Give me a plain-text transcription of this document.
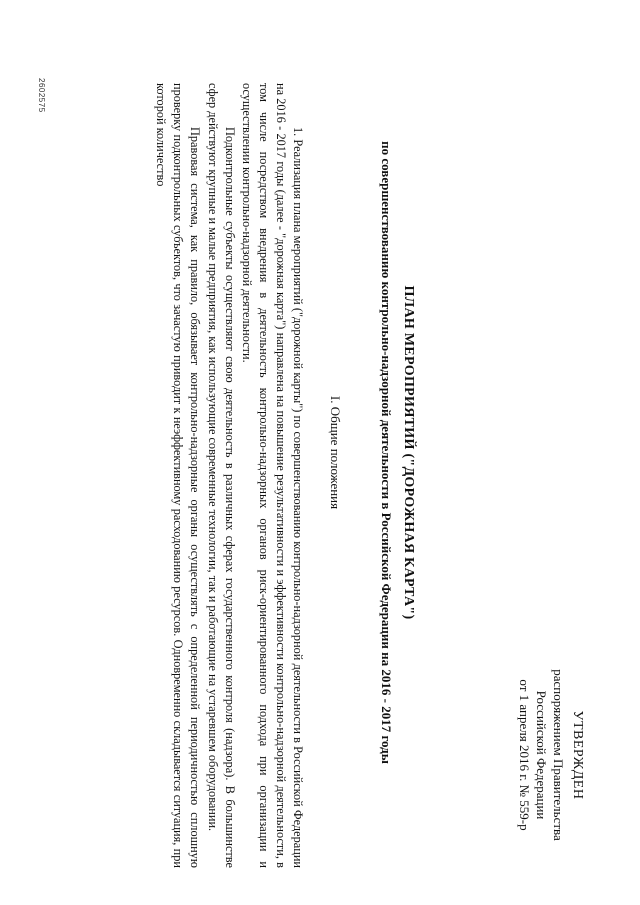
УТВЕРЖДЕН
распоряжением Правительства
Российской Федерации
от 1 апреля 2016 г. № 559-р
ПЛАН МЕРОПРИЯТИЙ ("ДОРОЖНАЯ КАРТА")
по совершенствованию контрольно-надзорной деятельности в Российской Федерации на 2016 - 2017 годы
I. Общие положения

1. Реализация плана мероприятий ("дорожной карты") по совершенствованию контрольно-надзорной деятельности в Российской Федерации на 2016 - 2017 годы (далее - "дорожная карта") направлена на повышение результативности и эффективности контрольно-надзорной деятельности, в том числе посредством внедрения в деятельность контрольно-надзорных органов риск-ориентированного подхода при организации и осуществлении контрольно-надзорной деятельности.

Подконтрольные субъекты осуществляют свою деятельность в различных сферах государственного контроля (надзора). В большинстве сфер действуют крупные и малые предприятия, как использующие современные технологии, так и работающие на устаревшем оборудовании.

Правовая система, как правило, обязывает контрольно-надзорные органы осуществлять с определенной периодичностью сплошную проверку подконтрольных субъектов, что зачастую приводит к неэффективному расходованию ресурсов. Одновременно складывается ситуация, при которой количество

2602575
